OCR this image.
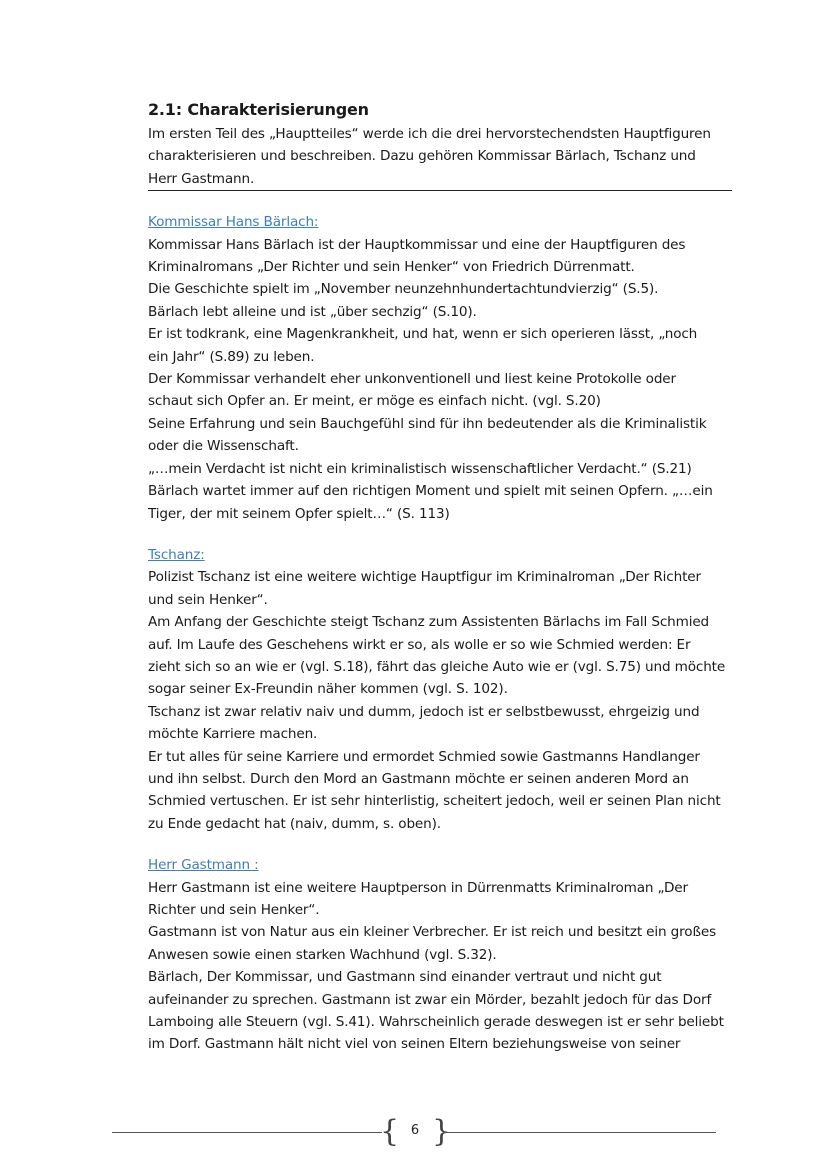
2.1: Charakterisierungen
Im ersten Teil des „Hauptteiles“ werde ich die drei hervorstechendsten Hauptfiguren
charakterisieren und beschreiben. Dazu gehören Kommissar Bärlach, Tschanz und
Herr Gastmann.
Kommissar Hans Bärlach:
Kommissar Hans Bärlach ist der Hauptkommissar und eine der Hauptfiguren des
Kriminalromans „Der Richter und sein Henker“ von Friedrich Dürrenmatt.
Die Geschichte spielt im „November neunzehnhundertachtundvierzig“ (S.5).
Bärlach lebt alleine und ist „über sechzig“ (S.10).
Er ist todkrank, eine Magenkrankheit, und hat, wenn er sich operieren lässt, „noch
ein Jahr“ (S.89) zu leben.
Der Kommissar verhandelt eher unkonventionell und liest keine Protokolle oder
schaut sich Opfer an. Er meint, er möge es einfach nicht. (vgl. S.20)
Seine Erfahrung und sein Bauchgefühl sind für ihn bedeutender als die Kriminalistik
oder die Wissenschaft.
„…mein Verdacht ist nicht ein kriminalistisch wissenschaftlicher Verdacht.“ (S.21)
Bärlach wartet immer auf den richtigen Moment und spielt mit seinen Opfern. „…ein
Tiger, der mit seinem Opfer spielt…“ (S. 113)
Tschanz:
Polizist Tschanz ist eine weitere wichtige Hauptfigur im Kriminalroman „Der Richter
und sein Henker“.
Am Anfang der Geschichte steigt Tschanz zum Assistenten Bärlachs im Fall Schmied
auf. Im Laufe des Geschehens wirkt er so, als wolle er so wie Schmied werden: Er
zieht sich so an wie er (vgl. S.18), fährt das gleiche Auto wie er (vgl. S.75) und möchte
sogar seiner Ex-Freundin näher kommen (vgl. S. 102).
Tschanz ist zwar relativ naiv und dumm, jedoch ist er selbstbewusst, ehrgeizig und
möchte Karriere machen.
Er tut alles für seine Karriere und ermordet Schmied sowie Gastmanns Handlanger
und ihn selbst. Durch den Mord an Gastmann möchte er seinen anderen Mord an
Schmied vertuschen. Er ist sehr hinterlistig, scheitert jedoch, weil er seinen Plan nicht
zu Ende gedacht hat (naiv, dumm, s. oben).
Herr Gastmann :
Herr Gastmann ist eine weitere Hauptperson in Dürrenmatts Kriminalroman „Der
Richter und sein Henker“.
Gastmann ist von Natur aus ein kleiner Verbrecher. Er ist reich und besitzt ein großes
Anwesen sowie einen starken Wachhund (vgl. S.32).
Bärlach, Der Kommissar, und Gastmann sind einander vertraut und nicht gut
aufeinander zu sprechen. Gastmann ist zwar ein Mörder, bezahlt jedoch für das Dorf
Lamboing alle Steuern (vgl. S.41). Wahrscheinlich gerade deswegen ist er sehr beliebt
im Dorf. Gastmann hält nicht viel von seinen Eltern beziehungsweise von seiner
{ 6 }
